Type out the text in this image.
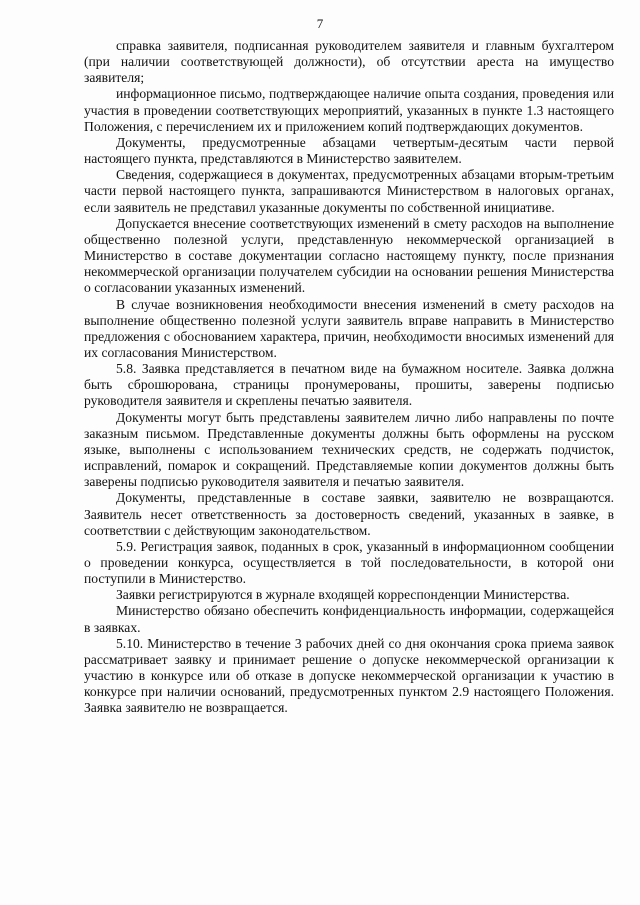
7

справка заявителя, подписанная руководителем заявителя и главным бухгалтером (при наличии соответствующей должности), об отсутствии ареста на имущество заявителя;

информационное письмо, подтверждающее наличие опыта создания, проведения или участия в проведении соответствующих мероприятий, указанных в пункте 1.3 настоящего Положения, с перечислением их и приложением копий подтверждающих документов.

Документы, предусмотренные абзацами четвертым-десятым части первой настоящего пункта, представляются в Министерство заявителем.

Сведения, содержащиеся в документах, предусмотренных абзацами вторым-третьим части первой настоящего пункта, запрашиваются Министерством в налоговых органах, если заявитель не представил указанные документы по собственной инициативе.

Допускается внесение соответствующих изменений в смету расходов на выполнение общественно полезной услуги, представленную некоммерческой организацией в Министерство в составе документации согласно настоящему пункту, после признания некоммерческой организации получателем субсидии на основании решения Министерства о согласовании указанных изменений.

В случае возникновения необходимости внесения изменений в смету расходов на выполнение общественно полезной услуги заявитель вправе направить в Министерство предложения с обоснованием характера, причин, необходимости вносимых изменений для их согласования Министерством.

5.8. Заявка представляется в печатном виде на бумажном носителе. Заявка должна быть сброшюрована, страницы пронумерованы, прошиты, заверены подписью руководителя заявителя и скреплены печатью заявителя.

Документы могут быть представлены заявителем лично либо направлены по почте заказным письмом. Представленные документы должны быть оформлены на русском языке, выполнены с использованием технических средств, не содержать подчисток, исправлений, помарок и сокращений. Представляемые копии документов должны быть заверены подписью руководителя заявителя и печатью заявителя.

Документы, представленные в составе заявки, заявителю не возвращаются. Заявитель несет ответственность за достоверность сведений, указанных в заявке, в соответствии с действующим законодательством.

5.9. Регистрация заявок, поданных в срок, указанный в информационном сообщении о проведении конкурса, осуществляется в той последовательности, в которой они поступили в Министерство.

Заявки регистрируются в журнале входящей корреспонденции Министерства.

Министерство обязано обеспечить конфиденциальность информации, содержащейся в заявках.

5.10. Министерство в течение 3 рабочих дней со дня окончания срока приема заявок рассматривает заявку и принимает решение о допуске некоммерческой организации к участию в конкурсе или об отказе в допуске некоммерческой организации к участию в конкурсе при наличии оснований, предусмотренных пунктом 2.9 настоящего Положения. Заявка заявителю не возвращается.
